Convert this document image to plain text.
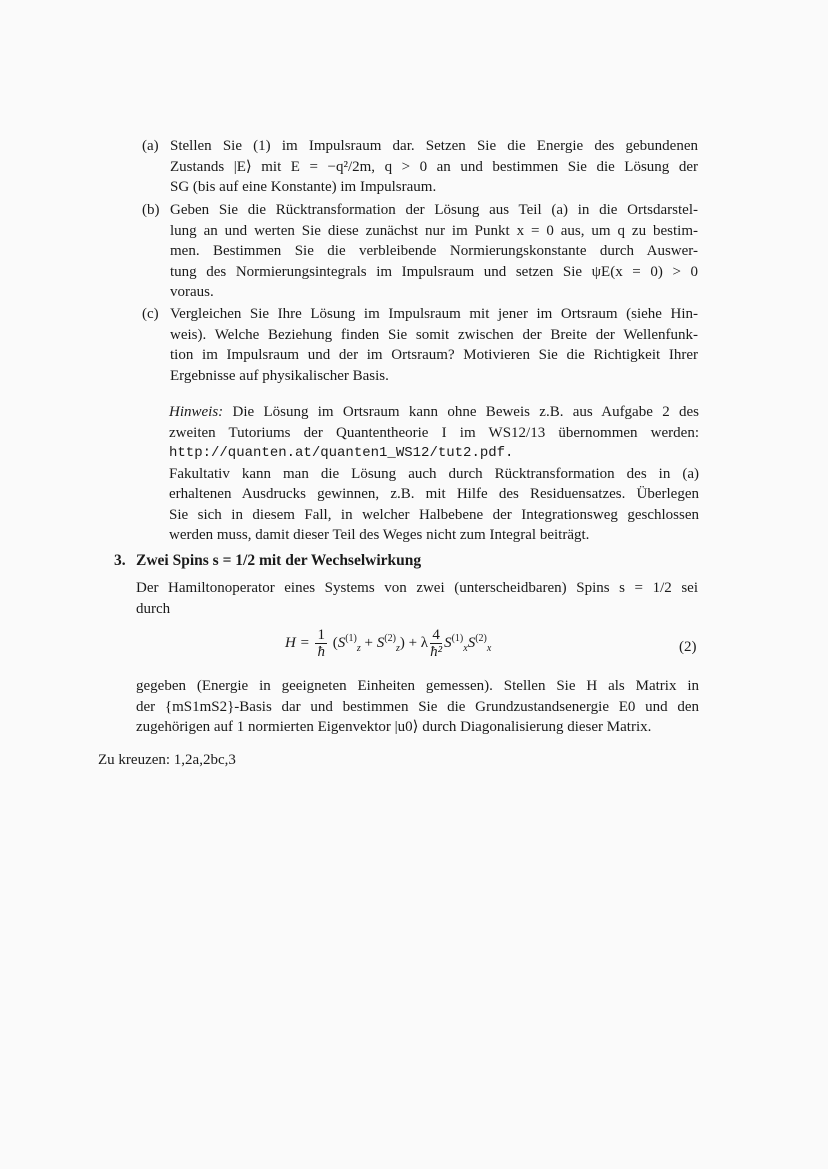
(a) Stellen Sie (1) im Impulsraum dar. Setzen Sie die Energie des gebundenen
Zustands |E⟩ mit E = −q²/2m, q > 0 an und bestimmen Sie die Lösung der
SG (bis auf eine Konstante) im Impulsraum.
(b) Geben Sie die Rücktransformation der Lösung aus Teil (a) in die Ortsdarstel-
lung an und werten Sie diese zunächst nur im Punkt x = 0 aus, um q zu bestim-
men. Bestimmen Sie die verbleibende Normierungskonstante durch Auswer-
tung des Normierungsintegrals im Impulsraum und setzen Sie ψE(x = 0) > 0
voraus.
(c) Vergleichen Sie Ihre Lösung im Impulsraum mit jener im Ortsraum (siehe Hin-
weis). Welche Beziehung finden Sie somit zwischen der Breite der Wellenfunk-
tion im Impulsraum und der im Ortsraum? Motivieren Sie die Richtigkeit Ihrer
Ergebnisse auf physikalischer Basis.
Hinweis: Die Lösung im Ortsraum kann ohne Beweis z.B. aus Aufgabe 2 des
zweiten Tutoriums der Quantentheorie I im WS12/13 übernommen werden:
http://quanten.at/quanten1_WS12/tut2.pdf.
Fakultativ kann man die Lösung auch durch Rücktransformation des in (a)
erhaltenen Ausdrucks gewinnen, z.B. mit Hilfe des Residuensatzes. Überlegen
Sie sich in diesem Fall, in welcher Halbebene der Integrationsweg geschlossen
werden muss, damit dieser Teil des Weges nicht zum Integral beiträgt.
3. Zwei Spins s = 1/2 mit der Wechselwirkung
Der Hamiltonoperator eines Systems von zwei (unterscheidbaren) Spins s = 1/2 sei
durch
$H = \frac{1}{ħ} (S^{(1)}_z + S^{(2)}_z) + \lambda \frac{4}{\text{ħ²}} S^{(1)}_xS^{(2)}_x$	(2)
gegeben (Energie in geeigneten Einheiten gemessen). Stellen Sie H als Matrix in
der {mS1mS2}-Basis dar und bestimmen Sie die Grundzustandsenergie E0 und den
zugehörigen auf 1 normierten Eigenvektor |u0⟩ durch Diagonalisierung dieser Matrix.
Zu kreuzen: 1,2a,2bc,3
